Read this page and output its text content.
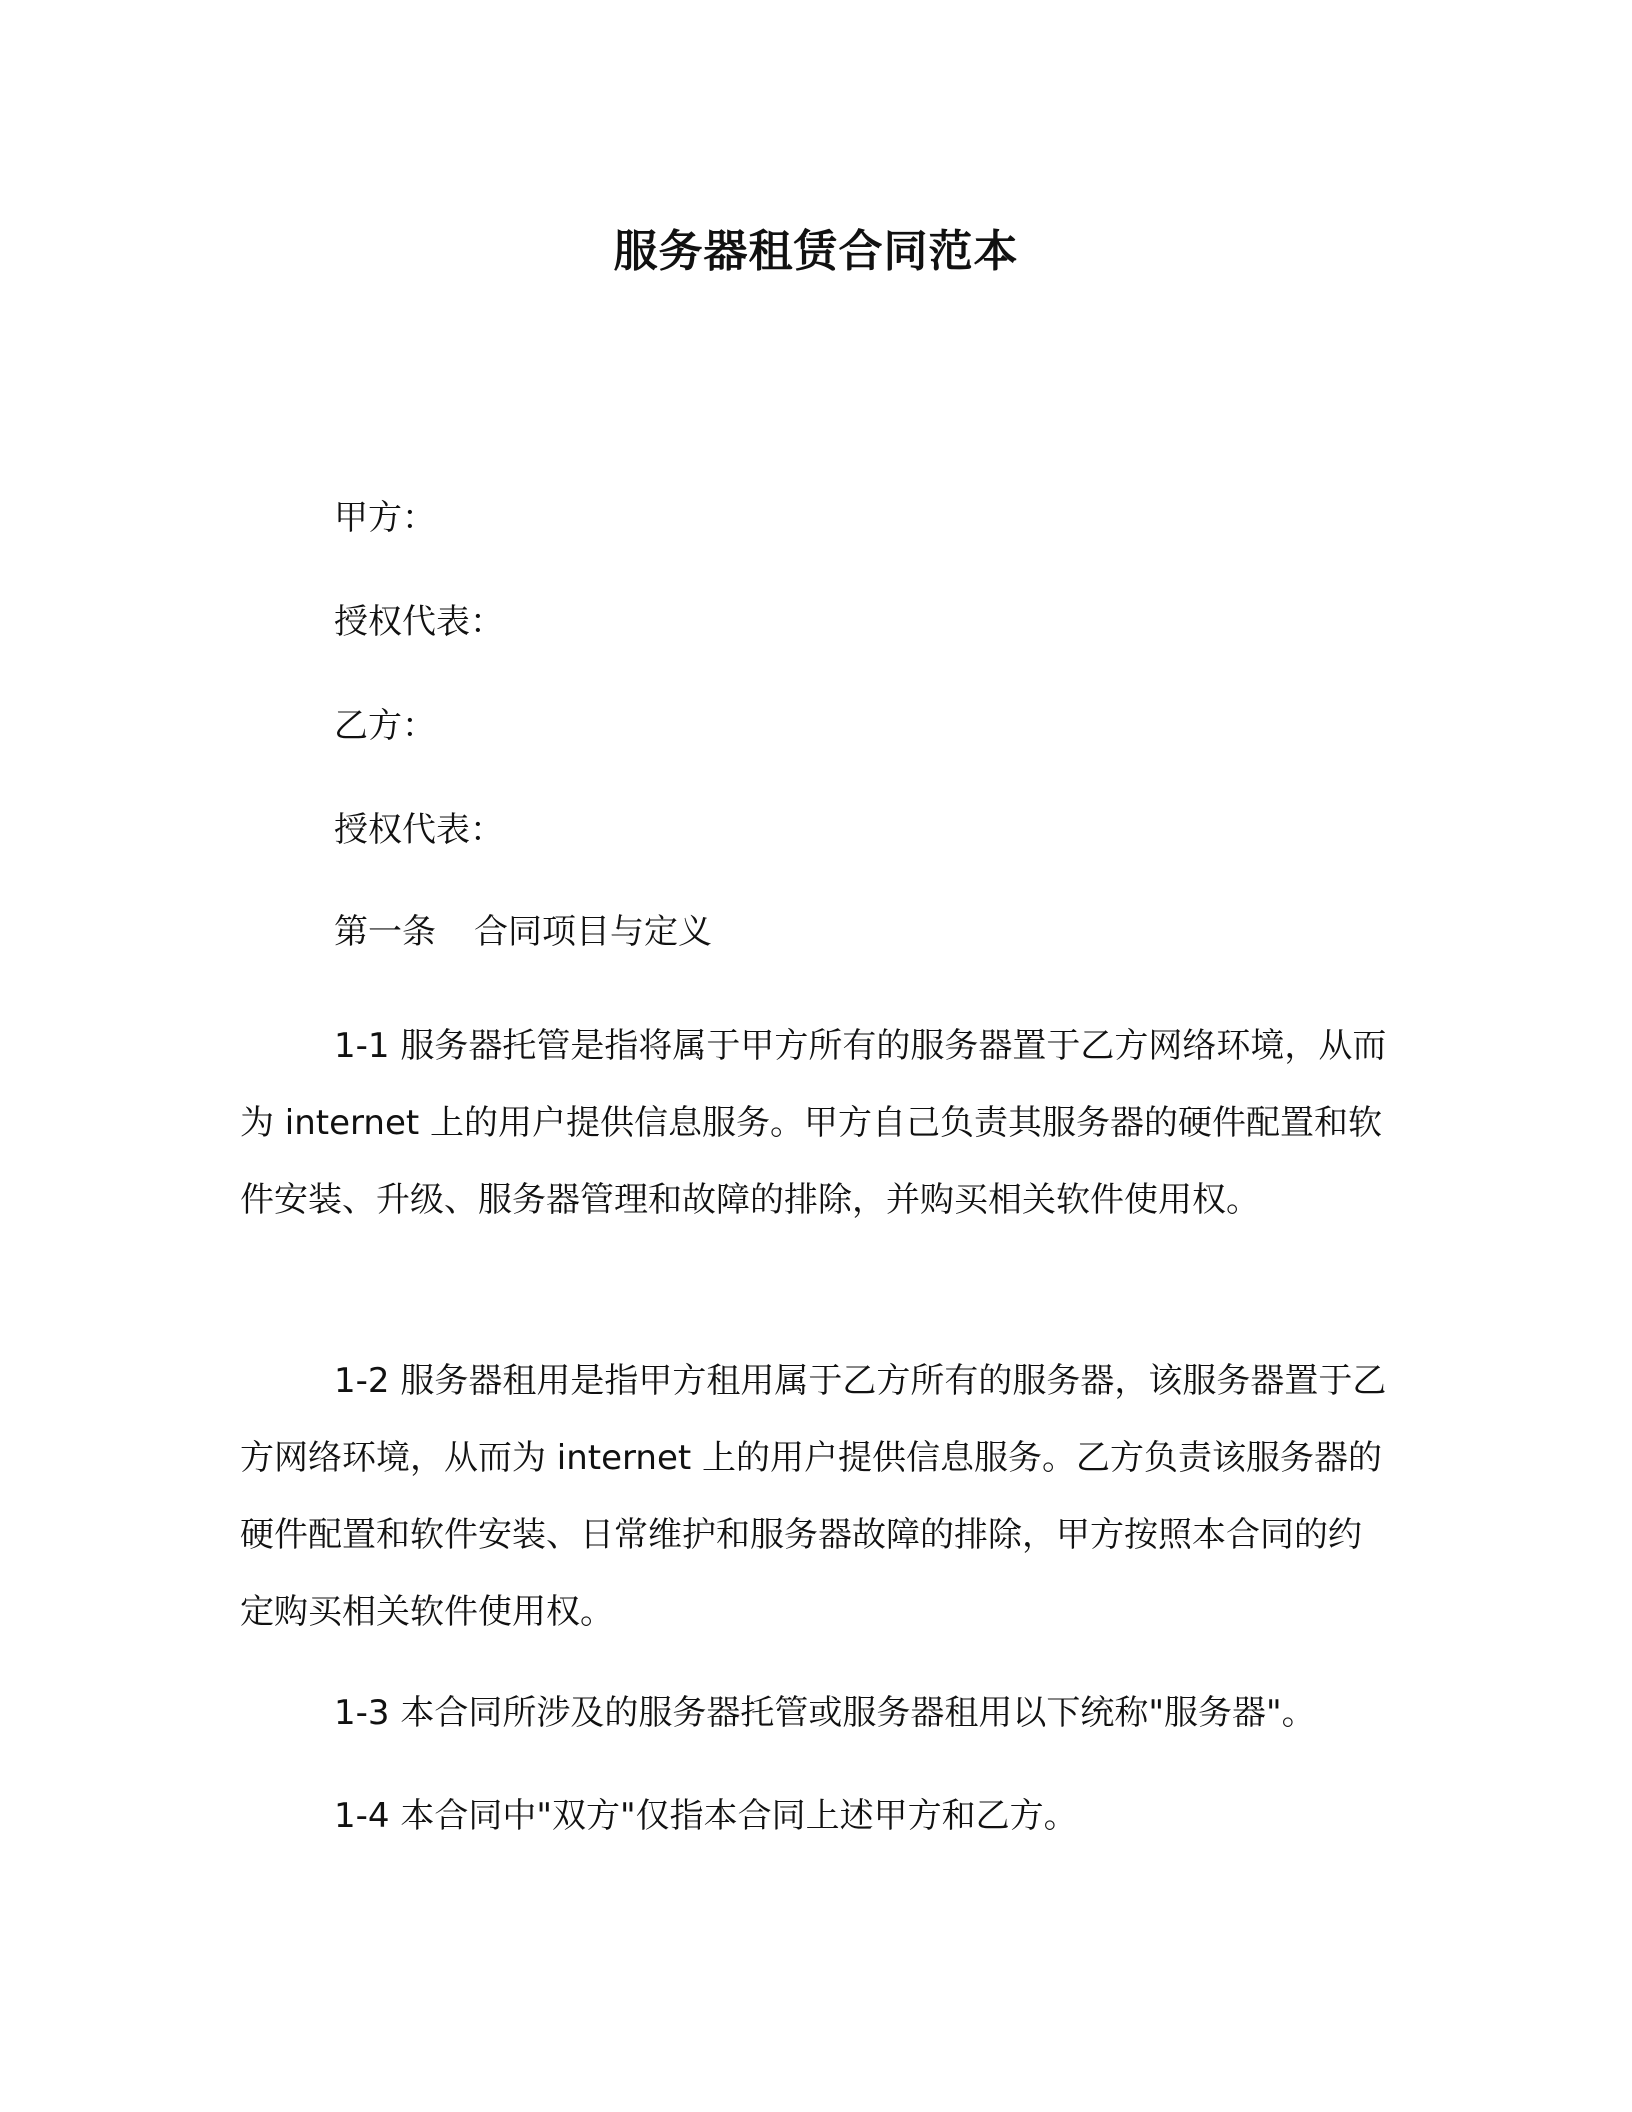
服务器租赁合同范本
甲方：
授权代表：
乙方：
授权代表：
第一条 合同项目与定义

1-1 服务器托管是指将属于甲方所有的服务器置于乙方网络环境，从而为 internet 上的用户提供信息服务。甲方自己负责其服务器的硬件配置和软件安装、升级、服务器管理和故障的排除，并购买相关软件使用权。

1-2 服务器租用是指甲方租用属于乙方所有的服务器，该服务器置于乙方网络环境，从而为 internet 上的用户提供信息服务。乙方负责该服务器的硬件配置和软件安装、日常维护和服务器故障的排除，甲方按照本合同的约定购买相关软件使用权。

1-3 本合同所涉及的服务器托管或服务器租用以下统称"服务器"。

1-4 本合同中"双方"仅指本合同上述甲方和乙方。
